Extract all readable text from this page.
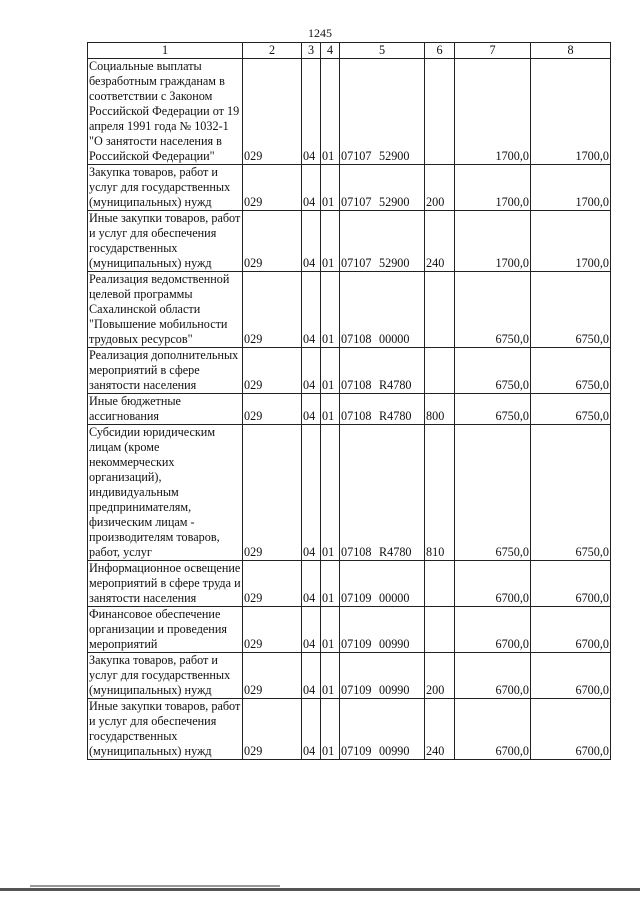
1245
1	2	3	4	5	6	7	8
Социальные выплаты безработным гражданам в соответствии с Законом Российской Федерации от 19 апреля 1991 года № 1032-1 "О занятости населения в Российской Федерации"	029	04	01	07107 52900		1700,0	1700,0
Закупка товаров, работ и услуг для государственных (муниципальных) нужд	029	04	01	07107 52900	200	1700,0	1700,0
Иные закупки товаров, работ и услуг для обеспечения государственных (муниципальных) нужд	029	04	01	07107 52900	240	1700,0	1700,0
Реализация ведомственной целевой программы Сахалинской области "Повышение мобильности трудовых ресурсов"	029	04	01	07108 00000		6750,0	6750,0
Реализация дополнительных мероприятий в сфере занятости населения	029	04	01	07108 R4780		6750,0	6750,0
Иные бюджетные ассигнования	029	04	01	07108 R4780	800	6750,0	6750,0
Субсидии юридическим лицам (кроме некоммерческих организаций), индивидуальным предпринимателям, физическим лицам - производителям товаров, работ, услуг	029	04	01	07108 R4780	810	6750,0	6750,0
Информационное освещение мероприятий в сфере труда и занятости населения	029	04	01	07109 00000		6700,0	6700,0
Финансовое обеспечение организации и проведения мероприятий	029	04	01	07109 00990		6700,0	6700,0
Закупка товаров, работ и услуг для государственных (муниципальных) нужд	029	04	01	07109 00990	200	6700,0	6700,0
Иные закупки товаров, работ и услуг для обеспечения государственных (муниципальных) нужд	029	04	01	07109 00990	240	6700,0	6700,0
